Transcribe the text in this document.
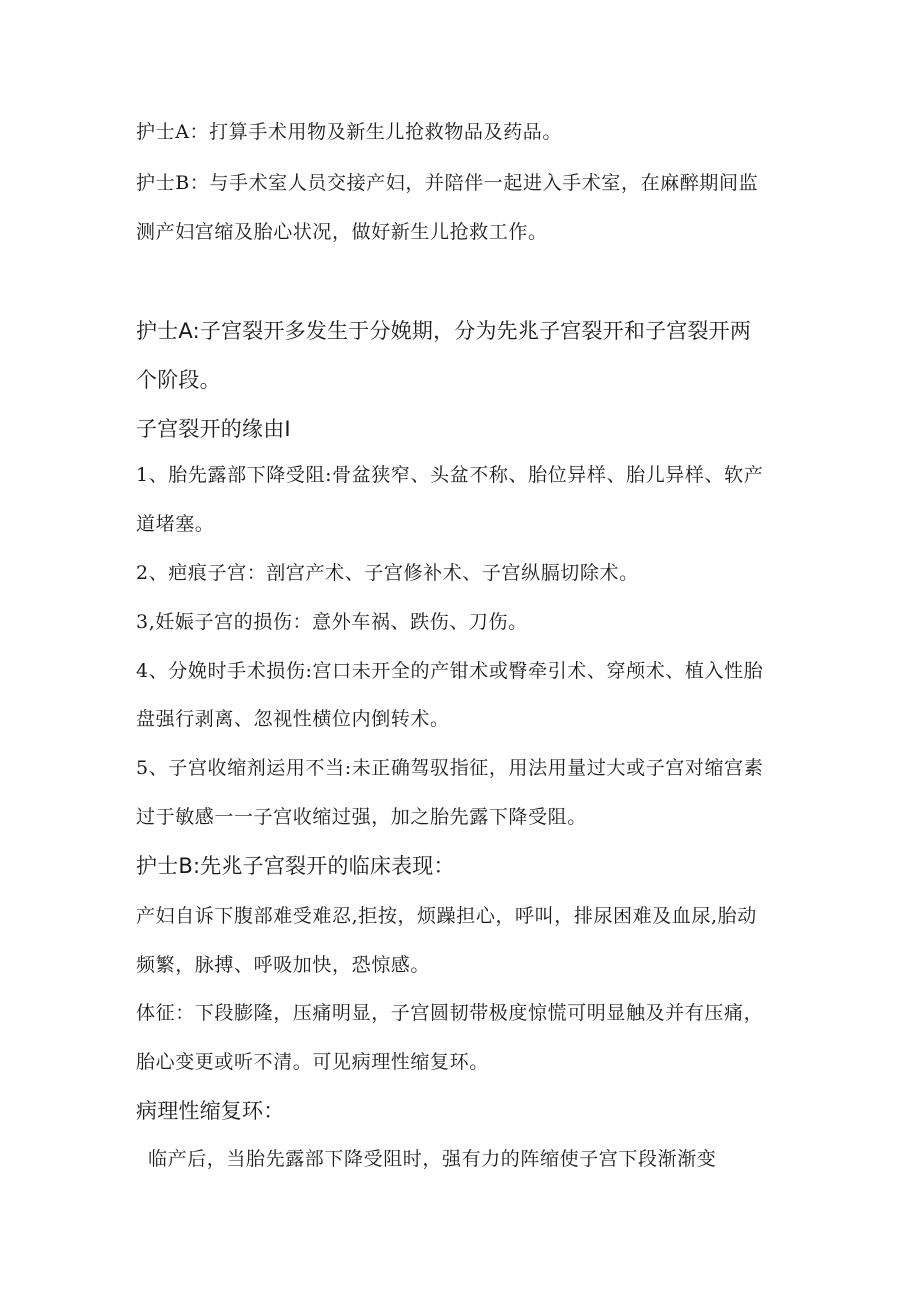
护士A：打算手术用物及新生儿抢救物品及药品。
护士B：与手术室人员交接产妇，并陪伴一起进入手术室，在麻醉期间监
测产妇宫缩及胎心状况，做好新生儿抢救工作。
护士A:子宫裂开多发生于分娩期，分为先兆子宫裂开和子宫裂开两
个阶段。
子宫裂开的缘由I
1、胎先露部下降受阻:骨盆狭窄、头盆不称、胎位异样、胎儿异样、软产
道堵塞。
2、疤痕子宫：剖宫产术、子宫修补术、子宫纵膈切除术。
3,妊娠子宫的损伤：意外车祸、跌伤、刀伤。
4、分娩时手术损伤:宫口未开全的产钳术或臀牵引术、穿颅术、植入性胎
盘强行剥离、忽视性横位内倒转术。
5、子宫收缩剂运用不当:未正确驾驭指征，用法用量过大或子宫对缩宫素
过于敏感一一子宫收缩过强，加之胎先露下降受阻。
护士B:先兆子宫裂开的临床表现：
产妇自诉下腹部难受难忍,拒按，烦躁担心，呼叫，排尿困难及血尿,胎动
频繁，脉搏、呼吸加快，恐惊感。
体征：下段膨隆，压痛明显，子宫圆韧带极度惊慌可明显触及并有压痛，
胎心变更或听不清。可见病理性缩复环。
病理性缩复环：
临产后，当胎先露部下降受阻时，强有力的阵缩使子宫下段渐渐变
